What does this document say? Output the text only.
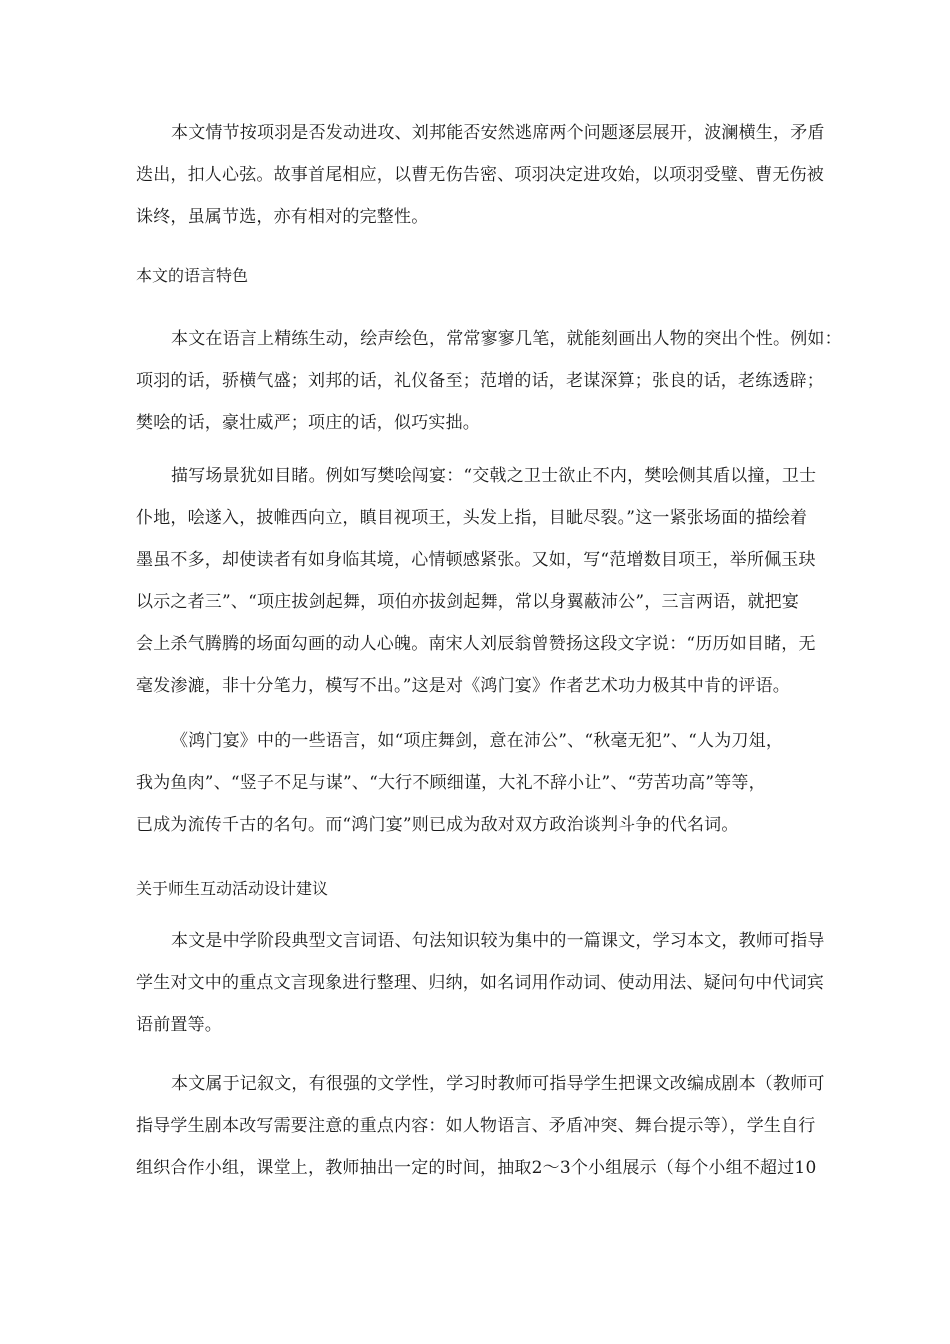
本文情节按项羽是否发动进攻、刘邦能否安然逃席两个问题逐层展开，波澜横生，矛盾
迭出，扣人心弦。故事首尾相应，以曹无伤告密、项羽决定进攻始，以项羽受璧、曹无伤被
诛终，虽属节选，亦有相对的完整性。
本文的语言特色
本文在语言上精练生动，绘声绘色，常常寥寥几笔，就能刻画出人物的突出个性。例如：
项羽的话，骄横气盛；刘邦的话，礼仪备至；范增的话，老谋深算；张良的话，老练透辟；
樊哙的话，豪壮威严；项庄的话，似巧实拙。
描写场景犹如目睹。例如写樊哙闯宴：“交戟之卫士欲止不内，樊哙侧其盾以撞，卫士
仆地，哙遂入，披帷西向立，瞋目视项王，头发上指，目眦尽裂。”这一紧张场面的描绘着
墨虽不多，却使读者有如身临其境，心情顿感紧张。又如，写“范增数目项王，举所佩玉玦
以示之者三”、“项庄拔剑起舞，项伯亦拔剑起舞，常以身翼蔽沛公”，三言两语，就把宴
会上杀气腾腾的场面勾画的动人心魄。南宋人刘辰翁曾赞扬这段文字说：“历历如目睹，无
毫发渗漉，非十分笔力，模写不出。”这是对《鸿门宴》作者艺术功力极其中肯的评语。
《鸿门宴》中的一些语言，如“项庄舞剑，意在沛公”、“秋毫无犯”、“人为刀俎，
我为鱼肉”、“竖子不足与谋”、“大行不顾细谨，大礼不辞小让”、“劳苦功高”等等，
已成为流传千古的名句。而“鸿门宴”则已成为敌对双方政治谈判斗争的代名词。
关于师生互动活动设计建议
本文是中学阶段典型文言词语、句法知识较为集中的一篇课文，学习本文，教师可指导
学生对文中的重点文言现象进行整理、归纳，如名词用作动词、使动用法、疑问句中代词宾
语前置等。
本文属于记叙文，有很强的文学性，学习时教师可指导学生把课文改编成剧本（教师可
指导学生剧本改写需要注意的重点内容：如人物语言、矛盾冲突、舞台提示等），学生自行
组织合作小组，课堂上，教师抽出一定的时间，抽取2～3个小组展示（每个小组不超过10
